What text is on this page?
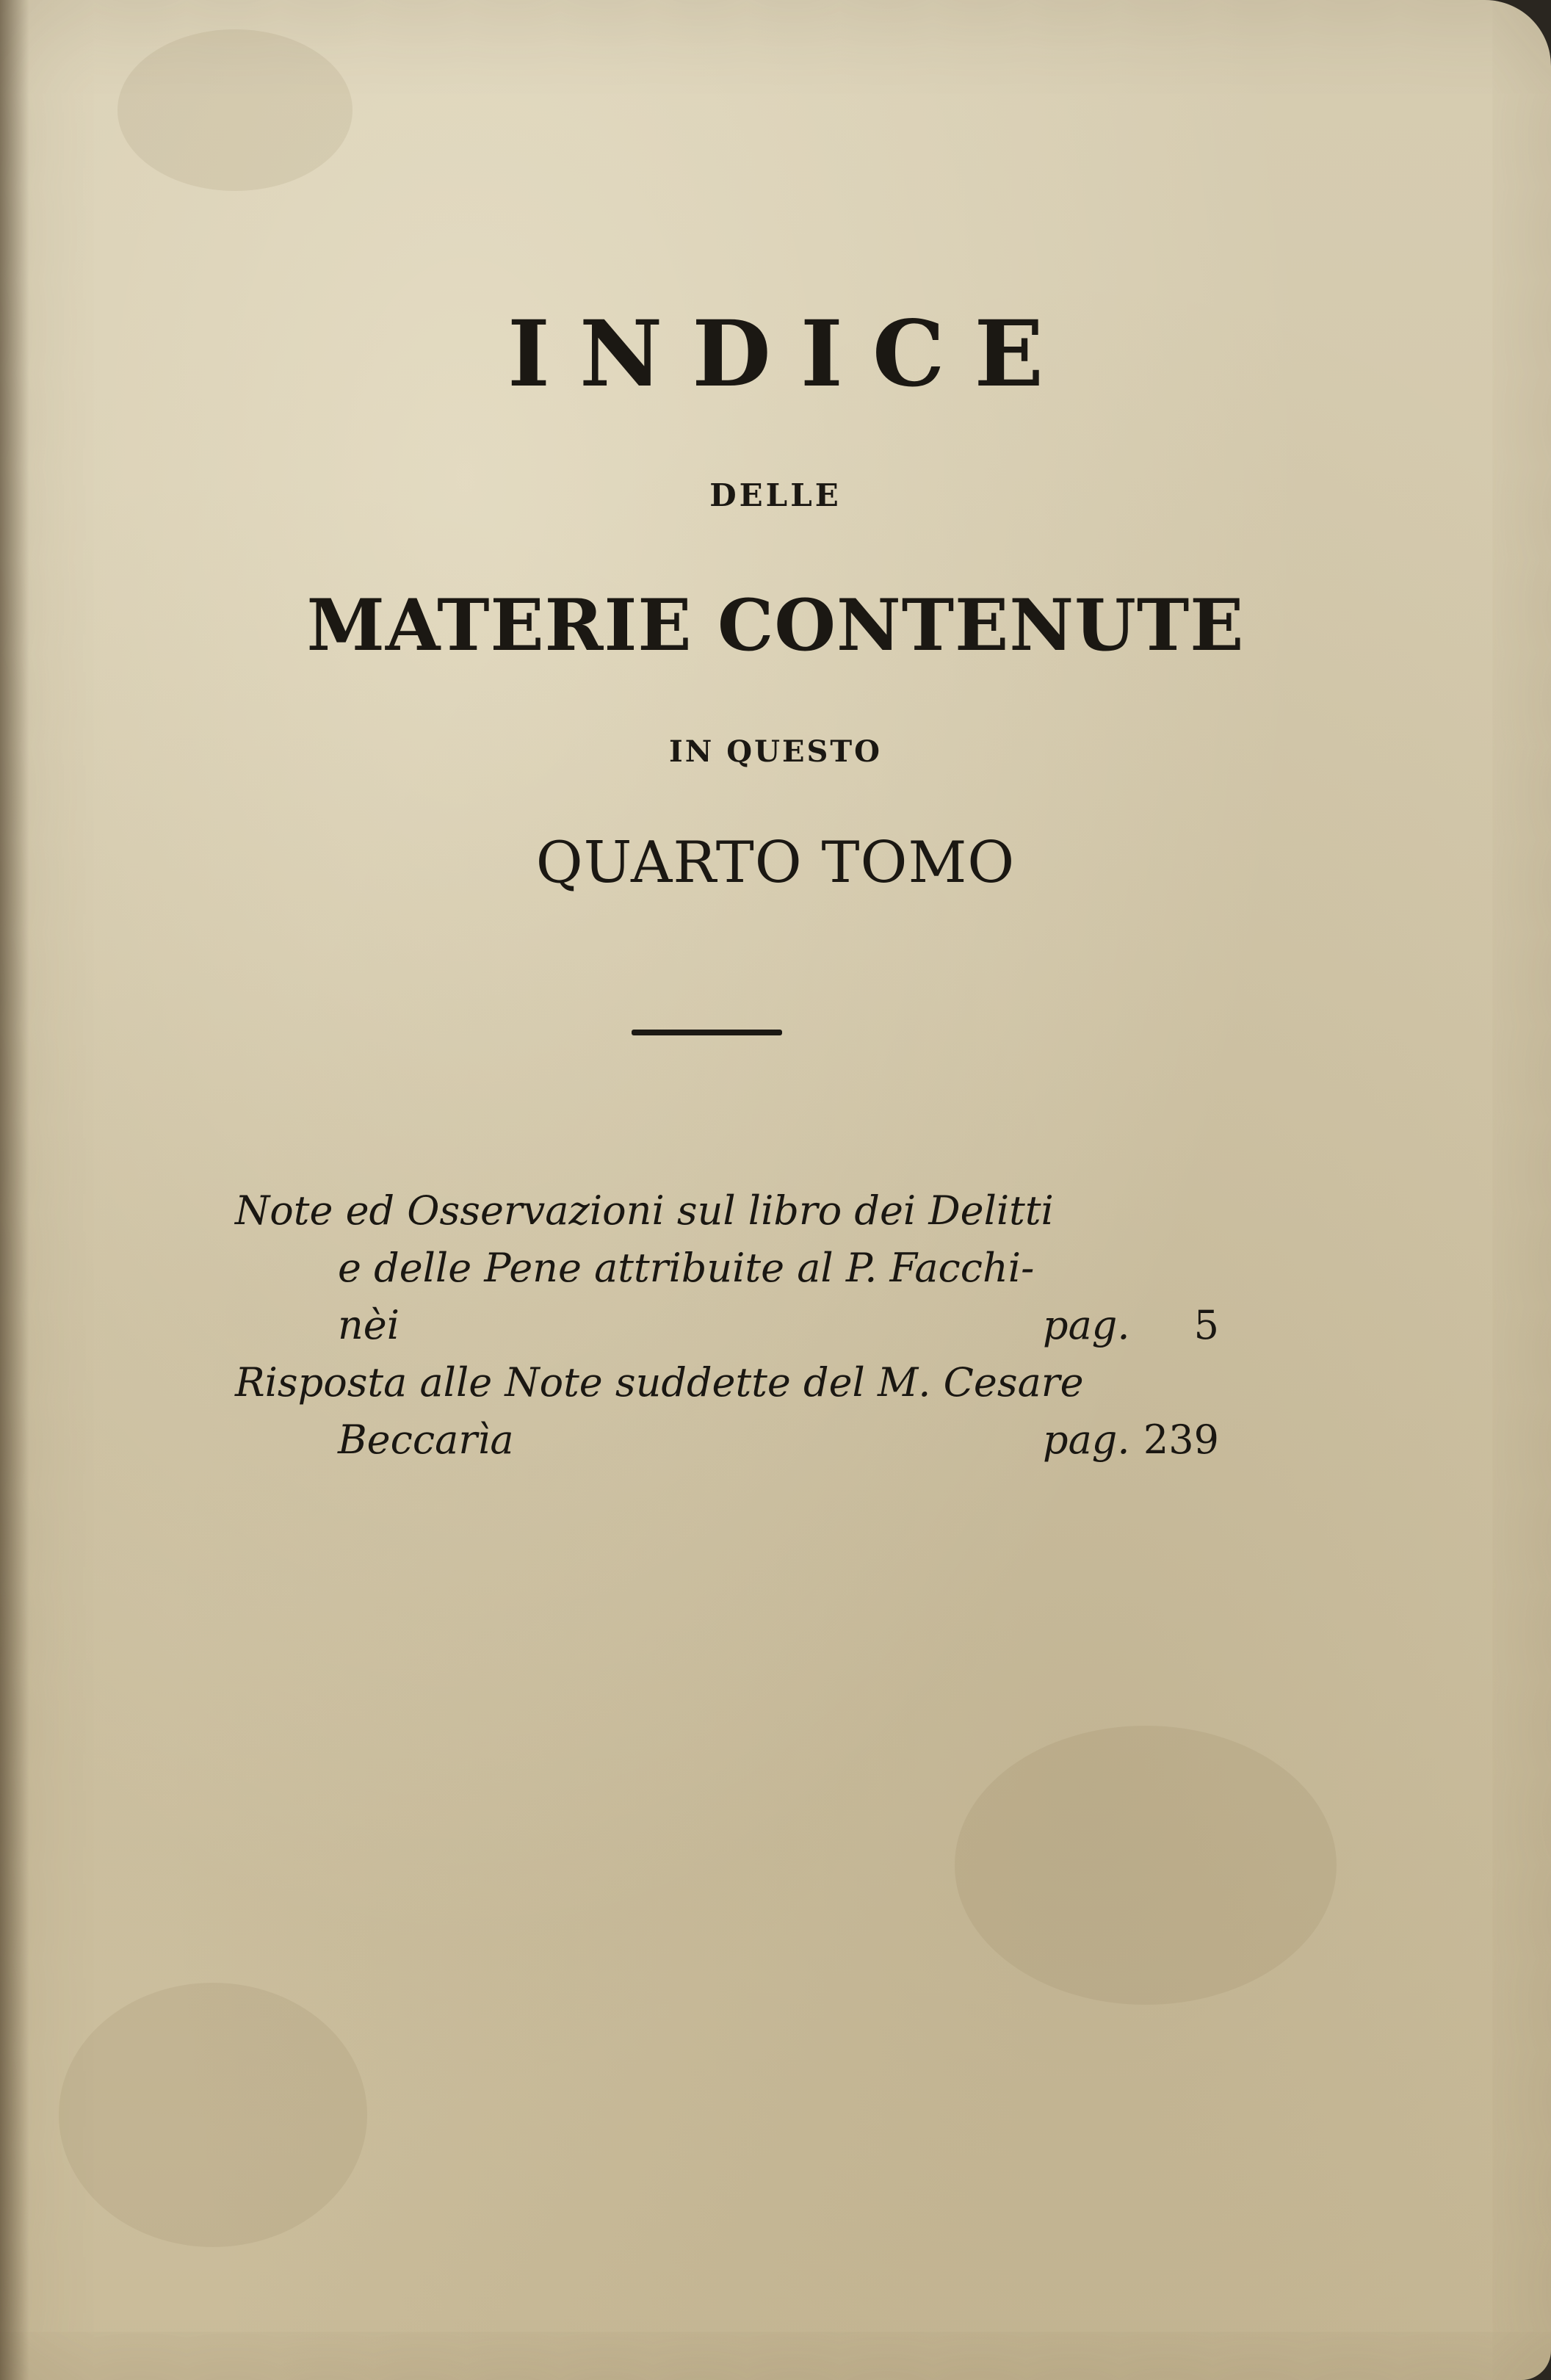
INDICE
DELLE
MATERIE CONTENUTE
IN QUESTO
QUARTO TOMO
Note ed Osservazioni sul libro dei Delitti
e delle Pene attribuite al P. Facchi-
nèi	pag. 5
Risposta alle Note suddette del M. Cesare
Beccarìa	pag. 239
